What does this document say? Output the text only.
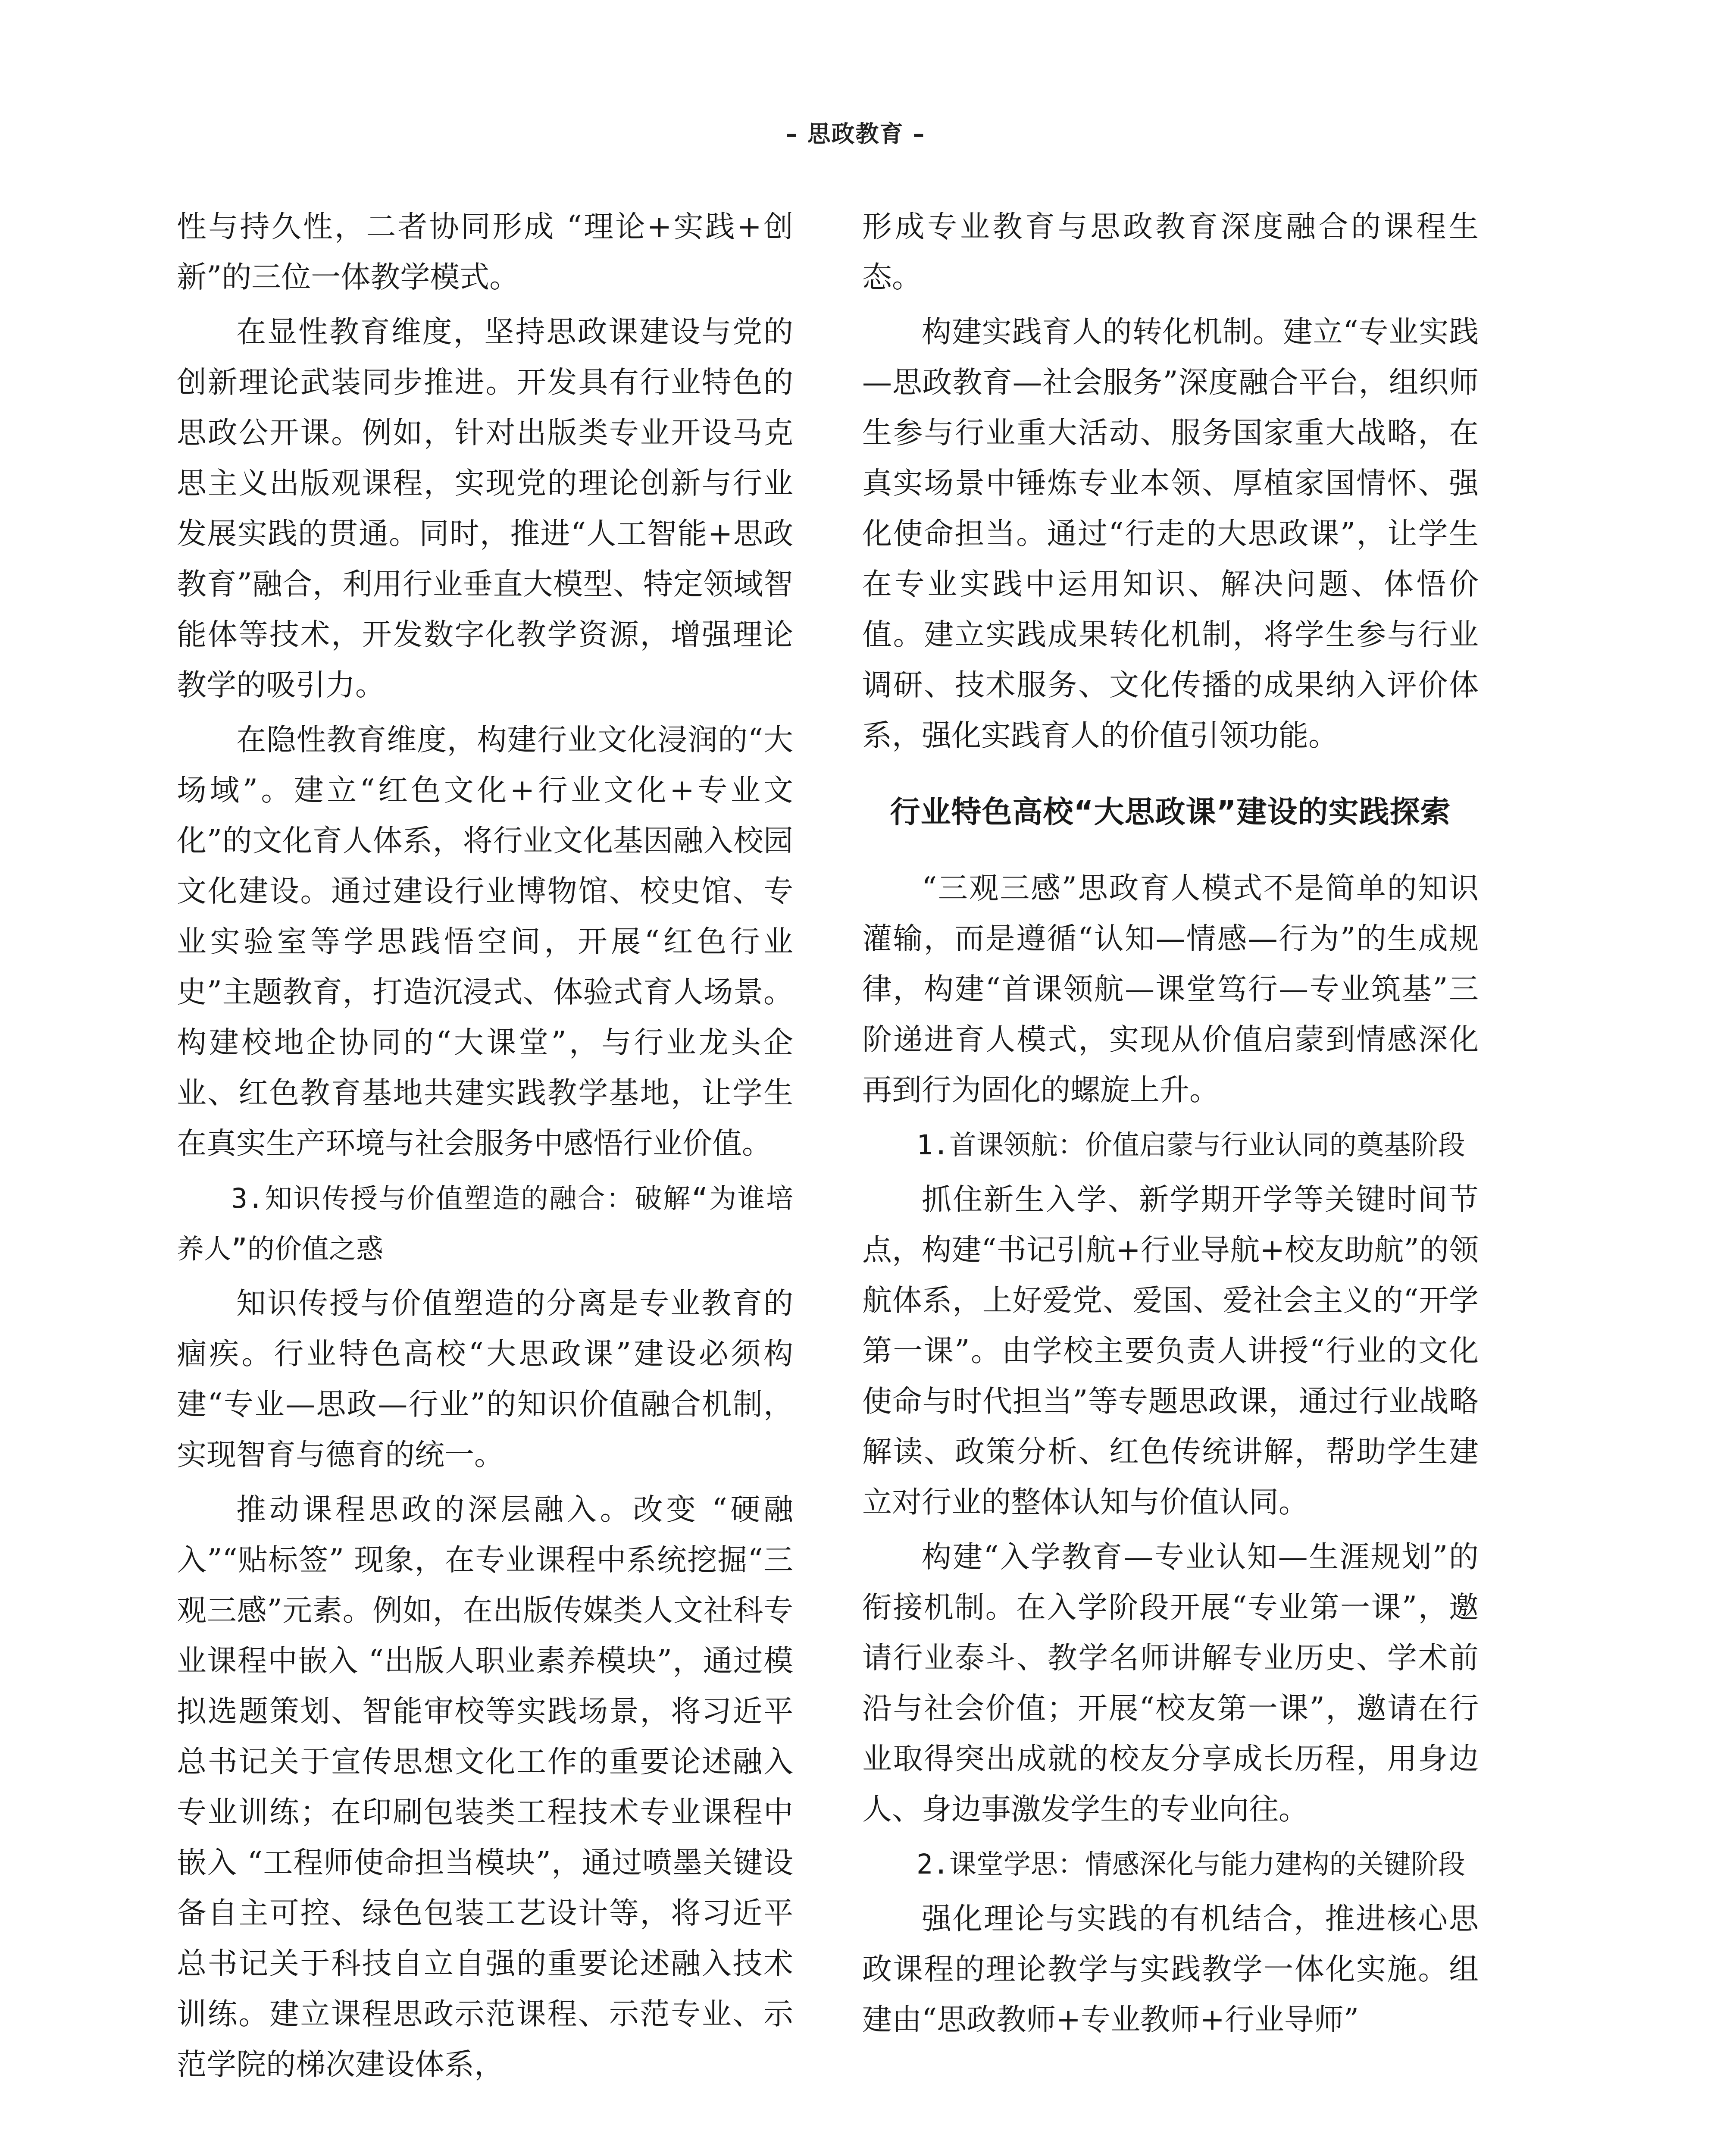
– 思政教育 –

性与持久性，二者协同形成 “理论+实践+创新”的三位一体教学模式。

在显性教育维度，坚持思政课建设与党的创新理论武装同步推进。开发具有行业特色的思政公开课。例如，针对出版类专业开设马克思主义出版观课程，实现党的理论创新与行业发展实践的贯通。同时，推进“人工智能+思政教育”融合，利用行业垂直大模型、特定领域智能体等技术，开发数字化教学资源，增强理论教学的吸引力。

在隐性教育维度，构建行业文化浸润的“大场域”。建立“红色文化+行业文化+专业文化”的文化育人体系，将行业文化基因融入校园文化建设。通过建设行业博物馆、校史馆、专业实验室等学思践悟空间，开展“红色行业史”主题教育，打造沉浸式、体验式育人场景。构建校地企协同的“大课堂”，与行业龙头企业、红色教育基地共建实践教学基地，让学生在真实生产环境与社会服务中感悟行业价值。

3.知识传授与价值塑造的融合：破解“为谁培养人”的价值之惑

知识传授与价值塑造的分离是专业教育的痼疾。行业特色高校“大思政课”建设必须构建“专业—思政—行业”的知识价值融合机制，实现智育与德育的统一。

推动课程思政的深层融入。改变 “硬融入”“贴标签” 现象，在专业课程中系统挖掘“三观三感”元素。例如，在出版传媒类人文社科专业课程中嵌入 “出版人职业素养模块”，通过模拟选题策划、智能审校等实践场景，将习近平总书记关于宣传思想文化工作的重要论述融入专业训练；在印刷包装类工程技术专业课程中嵌入 “工程师使命担当模块”，通过喷墨关键设备自主可控、绿色包装工艺设计等，将习近平总书记关于科技自立自强的重要论述融入技术训练。建立课程思政示范课程、示范专业、示范学院的梯次建设体系，

形成专业教育与思政教育深度融合的课程生态。

构建实践育人的转化机制。建立“专业实践—思政教育—社会服务”深度融合平台，组织师生参与行业重大活动、服务国家重大战略，在真实场景中锤炼专业本领、厚植家国情怀、强化使命担当。通过“行走的大思政课”，让学生在专业实践中运用知识、解决问题、体悟价值。建立实践成果转化机制，将学生参与行业调研、技术服务、文化传播的成果纳入评价体系，强化实践育人的价值引领功能。

行业特色高校“大思政课”建设的实践探索

“三观三感”思政育人模式不是简单的知识灌输，而是遵循“认知—情感—行为”的生成规律，构建“首课领航—课堂笃行—专业筑基”三阶递进育人模式，实现从价值启蒙到情感深化再到行为固化的螺旋上升。

1.首课领航：价值启蒙与行业认同的奠基阶段

抓住新生入学、新学期开学等关键时间节点，构建“书记引航+行业导航+校友助航”的领航体系，上好爱党、爱国、爱社会主义的“开学第一课”。由学校主要负责人讲授“行业的文化使命与时代担当”等专题思政课，通过行业战略解读、政策分析、红色传统讲解，帮助学生建立对行业的整体认知与价值认同。

构建“入学教育—专业认知—生涯规划”的衔接机制。在入学阶段开展“专业第一课”，邀请行业泰斗、教学名师讲解专业历史、学术前沿与社会价值；开展“校友第一课”，邀请在行业取得突出成就的校友分享成长历程，用身边人、身边事激发学生的专业向往。

2.课堂学思：情感深化与能力建构的关键阶段

强化理论与实践的有机结合，推进核心思政课程的理论教学与实践教学一体化实施。组建由“思政教师+专业教师+行业导师”
